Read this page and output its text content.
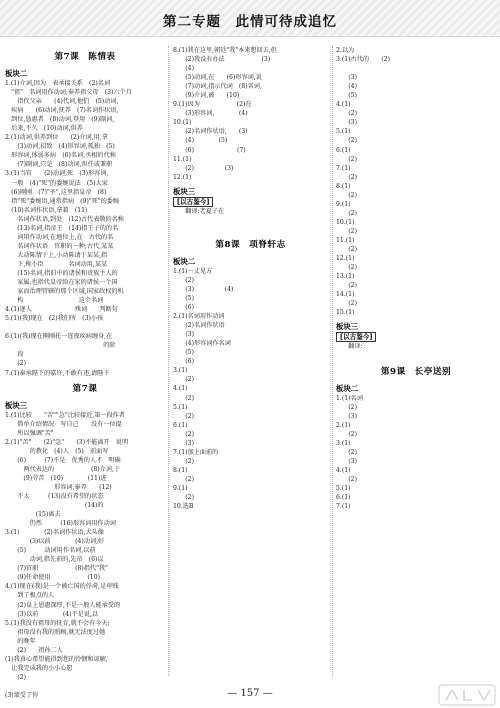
第二专题　此情可待成追忆
第7课　陈情表
板块二
1.(1)介词,因为　表承接关系　(2)名词
　"祖"　名词用作动词,奉养祖父母　(3)六个月
　　指代父亲　　(4)代词,他们　(5)动词,
　疾病　　(6)动词,抚养　(7)名词作状语,
　到位,恳惠者　(8)动词,登用　(9)副词,
　后来,不久　(10)动词,供养
2.(1)动词,供养到位　　(2)介词,用,拿
　　(3)动词,招致　(4)形容词,孤独　(5)
　形容词,体弱多病　(6)名词,丞相的代称
　　(7)副词,只是　(8)动词,担任或兼职
3.(1)当官　　(2)动词,死　(3)形容词,
　一般　(4)"死"的委婉说法　(5)大家
　(6)刚刚　(7)"圣",这里指皇帝　(8)
　指"死"委婉语,通常指病　(9)"死"的委婉
　(10)名词作状语,拿着　(11)
　　名词作状语,到处　(12)古代表敬的名称
　　(13)名词,指帝王　(14)指王子的的名
　　词用作动词,在地位上,在　古代的名
　　名词作状语　官职的一种;古代,某某
　　大动陈情于上,小动陈请于某某,指
　　下,称小臣　　　　名词动用,某某
　　(15)名词,指旧中的诸侯和贵族主人的
　　家属,也指代皇帝给在家的诸侯一个国
　　家而治理管辖的那个区域,国家政权的机
　　构　　　　　　　　　这个名词
4.(1)逐人　　　　　　　殊词　　判断句
5.(1)(我)现在　(2)我们所　(3)小孩

6.(1)(我)现在刚刚托一连夜疾病缠身,在
　　　　　　　　　　　　　　　　的阶
　　段
　　(2)　
7.(1)奉承陛下的嘉许,不敢有违,请陛下
第7课
板块三
1.(1)比较　　"苦""急"比较接近,第一段作者
　　简单介绍情况　写自己　　没有一位提
　　所以强调"苦"　
2.(1)"苦"　　(2)"急"　　(3)不能离开　说明
　　　　的教化　(4)人　(5)　前面写
　　(6)　　　(7)不是　优秀的人才　明确
　　　两代表达的　　　　　　(8)介词,于
　　　(9)劳苦　(10)　　　　(11)进
　　　　　　　　形容词,奉养　　(12)
　　不太　　　(13)没有希望的状态
　　　　　　　　　　　　　(14)的
　　　　　(15)离去
　　　　仍然　　　(16)形容词用作动词
3.(1)　　　　(2)名词作状语,大头像
　　　　(3)以前　　　　(4)动词,好
　　(5)　　　动词用作名词,以前
　　　　动词,指先前的,先帝　(6)以
　　(7)官职　　　　　　(8)指代"我"
　　(9)任命使用　　　　　　(10)
4.(1)现在(我)是一个被亡国的俘虏,是卑贱
　　到了极点的人
　　(2)皇上恩惠深厚,不是一般人能承受的
　　(3)以前　　　　(4)不是说,以
5.(1)我没有祖母的抚育,就不会有今天;
　　祖母没有我的照顾,就无法度过她
　　的晚年
　　(2)　　祖孙二人
(1)我真心希望能得到您的怜悯和谅解,
　让我完成我的小小心愿
　　(2)　　　　　　　　　　　　　　

(3)蒙受了你
8.(1)我在这里,朝廷"我"本来想回去,但
　　(2)我没有办法　　　　　　(3)
　　(4)　　　　　　　　　　　　
　　(5)动词,在　　(6)形容词,说
　　(7)动词,指示代词　(8)名词,
　　(9)介词,被　　(10)
9.(1)因为　　　　　　(2)在　
　　(3)形容词,　　　　(4)
10.(1)
　　(2)名词作状语,　　(3)
　　(4)　　　　(5)
　　(6)　　　　　　　(7)
11.(1)　　　　　
　　(2)　　　　　(3)　　　
12.(1)
板块三
[以古鉴今]
　　翻译:老夏子在　　　　　　　　

第8课　项脊轩志
板块二
1.(1)一丈见方　　　　　　
　　(2)　　　　　　
　　(3)　　　　　(4)
　　(5)　　　　　　
　　(6)　　　　　　　　
2.(1)名词用作动词　　
　　(2)名词作状语　　
　　(3)　　　　　　　
　　(4)形容词作名词　　
　　(5)　　　　　
　　(6)　　　　　
3.(1)　　
　　(2)　　
4.(1)　　　　　　　
　　(2)　　　　　　
5.(1)　　　　
　　(2)　　　
6.(1)　　　
　　(2)　　　
　　(3)　　　　　
7.(1)加上面前的　
　　(2)　　
8.(1)
　　(2)
9.(1)
　　(2)　
10.选B
2.以为　　
3.(1)古代的　　(2)　　

　　(3)　　　　　
　　(4)　
　　(5)
4.(1)　　　
　　(2)
　　(3)
5.(1)　　
　　(2)
6.(1)
　　(2)
7.(1)
　　(2)
8.(1)
　　(2)
9.(1)
　　(2)
10.(1)
　　(2)
11.(1)
　　(2)
12.(1)
　　(2)
13.(1)
　　(2)
14.(1)
　　(2)
15.(1)
板块三
[以古鉴今]
　　翻译:

第9课　长亭送别
板块二
1.(1)名词
　　(2)
　　(3)
2.(1)
　　(2)
3.(1)
　　(2)
　　(3)
4.(1)
　　(2)
5.(1)
6.(1)
7.(1)
— 157 —
